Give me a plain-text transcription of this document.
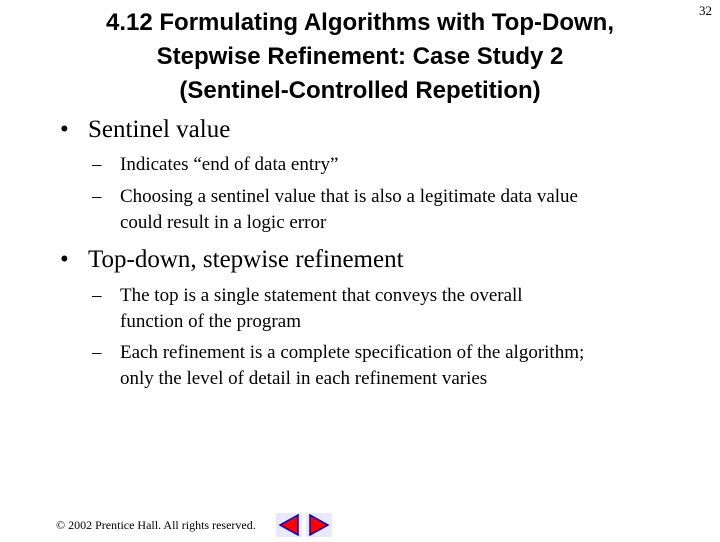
32
4.12 Formulating Algorithms with Top-Down,
Stepwise Refinement: Case Study 2
(Sentinel-Controlled Repetition)
• Sentinel value
– Indicates “end of data entry”
– Choosing a sentinel value that is also a legitimate data value
could result in a logic error
• Top-down, stepwise refinement
– The top is a single statement that conveys the overall
function of the program
– Each refinement is a complete specification of the algorithm;
only the level of detail in each refinement varies
© 2002 Prentice Hall. All rights reserved.
